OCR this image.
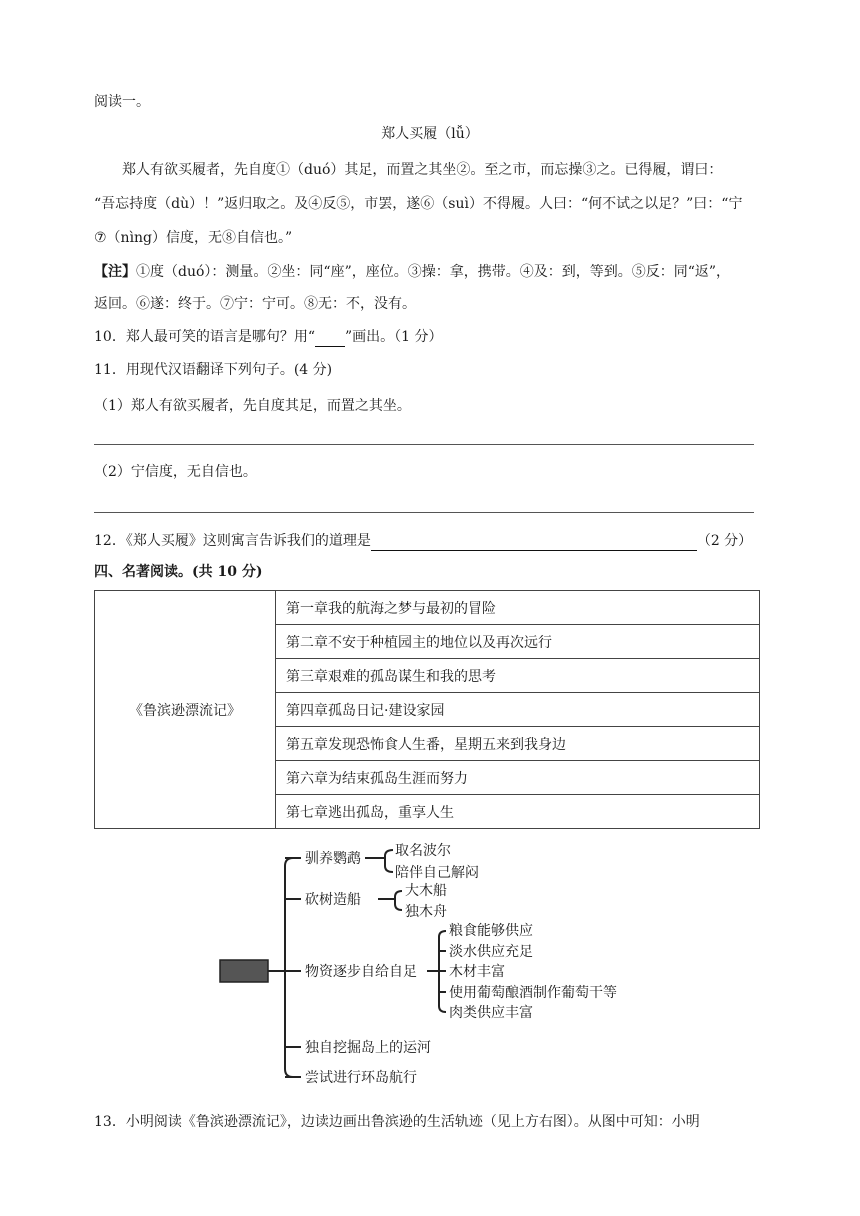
阅读一。
郑人买履（lǚ）
郑人有欲买履者，先自度①（duó）其足，而置之其坐②。至之市，而忘操③之。已得履，谓曰：
“吾忘持度（dù）！”返归取之。及④反⑤，市罢，遂⑥（suì）不得履。人曰：“何不试之以足？”曰：“宁
⑦（nìng）信度，无⑧自信也。”
【注】①度（duó）：测量。②坐：同“座”，座位。③操：拿，携带。④及：到，等到。⑤反：同“返”，
返回。⑥遂：终于。⑦宁：宁可。⑧无：不，没有。
10．郑人最可笑的语言是哪句？用“ ”画出。（1 分）
11．用现代汉语翻译下列句子。(4 分)
（1）郑人有欲买履者，先自度其足，而置之其坐。
（2）宁信度，无自信也。
12．《郑人买履》这则寓言告诉我们的道理是	（2 分）
四、名著阅读。(共 10 分)
《鲁滨逊漂流记》	第一章我的航海之梦与最初的冒险
第二章不安于种植园主的地位以及再次远行
第三章艰难的孤岛谋生和我的思考
第四章孤岛日记·建设家园
第五章发现恐怖食人生番，星期五来到我身边
第六章为结束孤岛生涯而努力
第七章逃出孤岛，重享人生
驯养鹦鹉 取名波尔
陪伴自己解闷
砍树造船
大木船
独木舟
物资逐步自给自足
粮食能够供应
淡水供应充足
木材丰富
使用葡萄酿酒制作葡萄干等
肉类供应丰富
独自挖掘岛上的运河
尝试进行环岛航行
13．小明阅读《鲁滨逊漂流记》，边读边画出鲁滨逊的生活轨迹（见上方右图）。从图中可知：小明
